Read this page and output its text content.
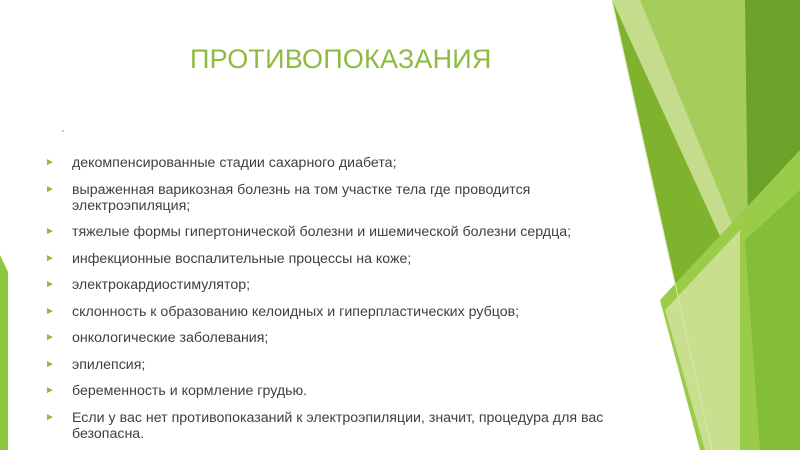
ПРОТИВОПОКАЗАНИЯ
► декомпенсированные стадии сахарного диабета;
► выраженная варикозная болезнь на том участке тела где проводится электроэпиляция;
► тяжелые формы гипертонической болезни и ишемической болезни сердца;
► инфекционные воспалительные процессы на коже;
► электрокардиостимулятор;
► склонность к образованию келоидных и гиперпластических рубцов;
► онкологические заболевания;
► эпилепсия;
► беременность и кормление грудью.
► Если у вас нет противопоказаний к электроэпиляции, значит, процедура для вас безопасна.
